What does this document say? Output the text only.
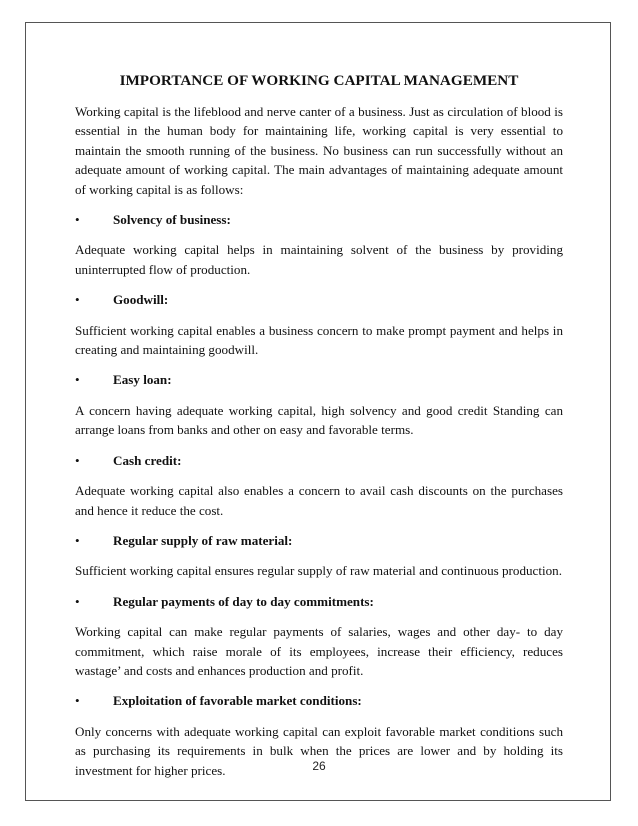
IMPORTANCE OF WORKING CAPITAL MANAGEMENT

Working capital is the lifeblood and nerve canter of a business. Just as circulation of blood is essential in the human body for maintaining life, working capital is very essential to maintain the smooth running of the business. No business can run successfully without an adequate amount of working capital. The main advantages of maintaining adequate amount of working capital is as follows:

•	Solvency of business:

Adequate working capital helps in maintaining solvent of the business by providing uninterrupted flow of production.

•	Goodwill:

Sufficient working capital enables a business concern to make prompt payment and helps in creating and maintaining goodwill.

•	Easy loan:

A concern having adequate working capital, high solvency and good credit Standing can arrange loans from banks and other on easy and favorable terms.

•	Cash credit:

Adequate working capital also enables a concern to avail cash discounts on the purchases and hence it reduce the cost.

•	Regular supply of raw material:

Sufficient working capital ensures regular supply of raw material and continuous production.

•	Regular payments of day to day commitments:

Working capital can make regular payments of salaries, wages and other day- to day commitment, which raise morale of its employees, increase their efficiency, reduces wastage’ and costs and enhances production and profit.

•	Exploitation of favorable market conditions:

Only concerns with adequate working capital can exploit favorable market conditions such as purchasing its requirements in bulk when the prices are lower and by holding its investment for higher prices.	26
